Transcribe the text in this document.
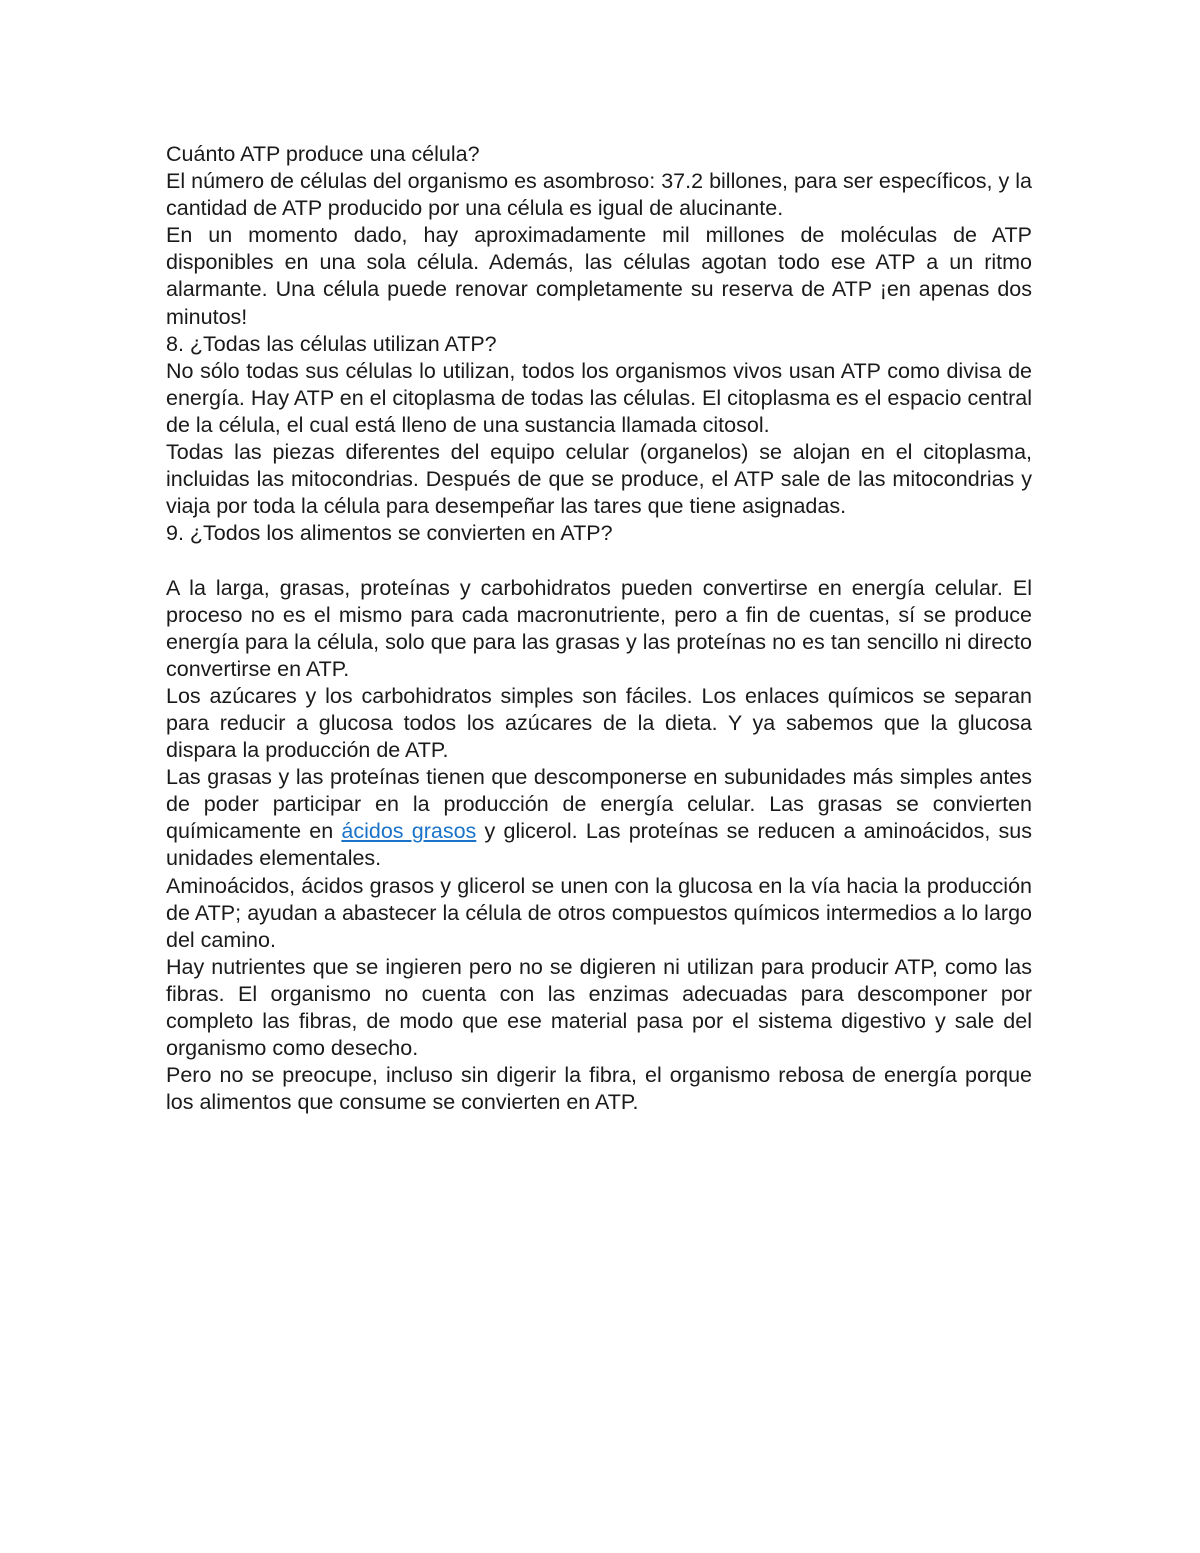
Cuánto ATP produce una célula?

El número de células del organismo es asombroso: 37.2 billones, para ser específicos, y la cantidad de ATP producido por una célula es igual de alucinante.

En un momento dado, hay aproximadamente mil millones de moléculas de ATP disponibles en una sola célula. Además, las células agotan todo ese ATP a un ritmo alarmante. Una célula puede renovar completamente su reserva de ATP ¡en apenas dos minutos!

8. ¿Todas las células utilizan ATP?

No sólo todas sus células lo utilizan, todos los organismos vivos usan ATP como divisa de energía. Hay ATP en el citoplasma de todas las células. El citoplasma es el espacio central de la célula, el cual está lleno de una sustancia llamada citosol.

Todas las piezas diferentes del equipo celular (organelos) se alojan en el citoplasma, incluidas las mitocondrias. Después de que se produce, el ATP sale de las mitocondrias y viaja por toda la célula para desempeñar las tares que tiene asignadas.

9. ¿Todos los alimentos se convierten en ATP?

A la larga, grasas, proteínas y carbohidratos pueden convertirse en energía celular. El proceso no es el mismo para cada macronutriente, pero a fin de cuentas, sí se produce energía para la célula, solo que para las grasas y las proteínas no es tan sencillo ni directo convertirse en ATP.

Los azúcares y los carbohidratos simples son fáciles. Los enlaces químicos se separan para reducir a glucosa todos los azúcares de la dieta. Y ya sabemos que la glucosa dispara la producción de ATP.

Las grasas y las proteínas tienen que descomponerse en subunidades más simples antes de poder participar en la producción de energía celular. Las grasas se convierten químicamente en ácidos grasos y glicerol. Las proteínas se reducen a aminoácidos, sus unidades elementales.

Aminoácidos, ácidos grasos y glicerol se unen con la glucosa en la vía hacia la producción de ATP; ayudan a abastecer la célula de otros compuestos químicos intermedios a lo largo del camino.

Hay nutrientes que se ingieren pero no se digieren ni utilizan para producir ATP, como las fibras. El organismo no cuenta con las enzimas adecuadas para descomponer por completo las fibras, de modo que ese material pasa por el sistema digestivo y sale del organismo como desecho.

Pero no se preocupe, incluso sin digerir la fibra, el organismo rebosa de energía porque los alimentos que consume se convierten en ATP.
